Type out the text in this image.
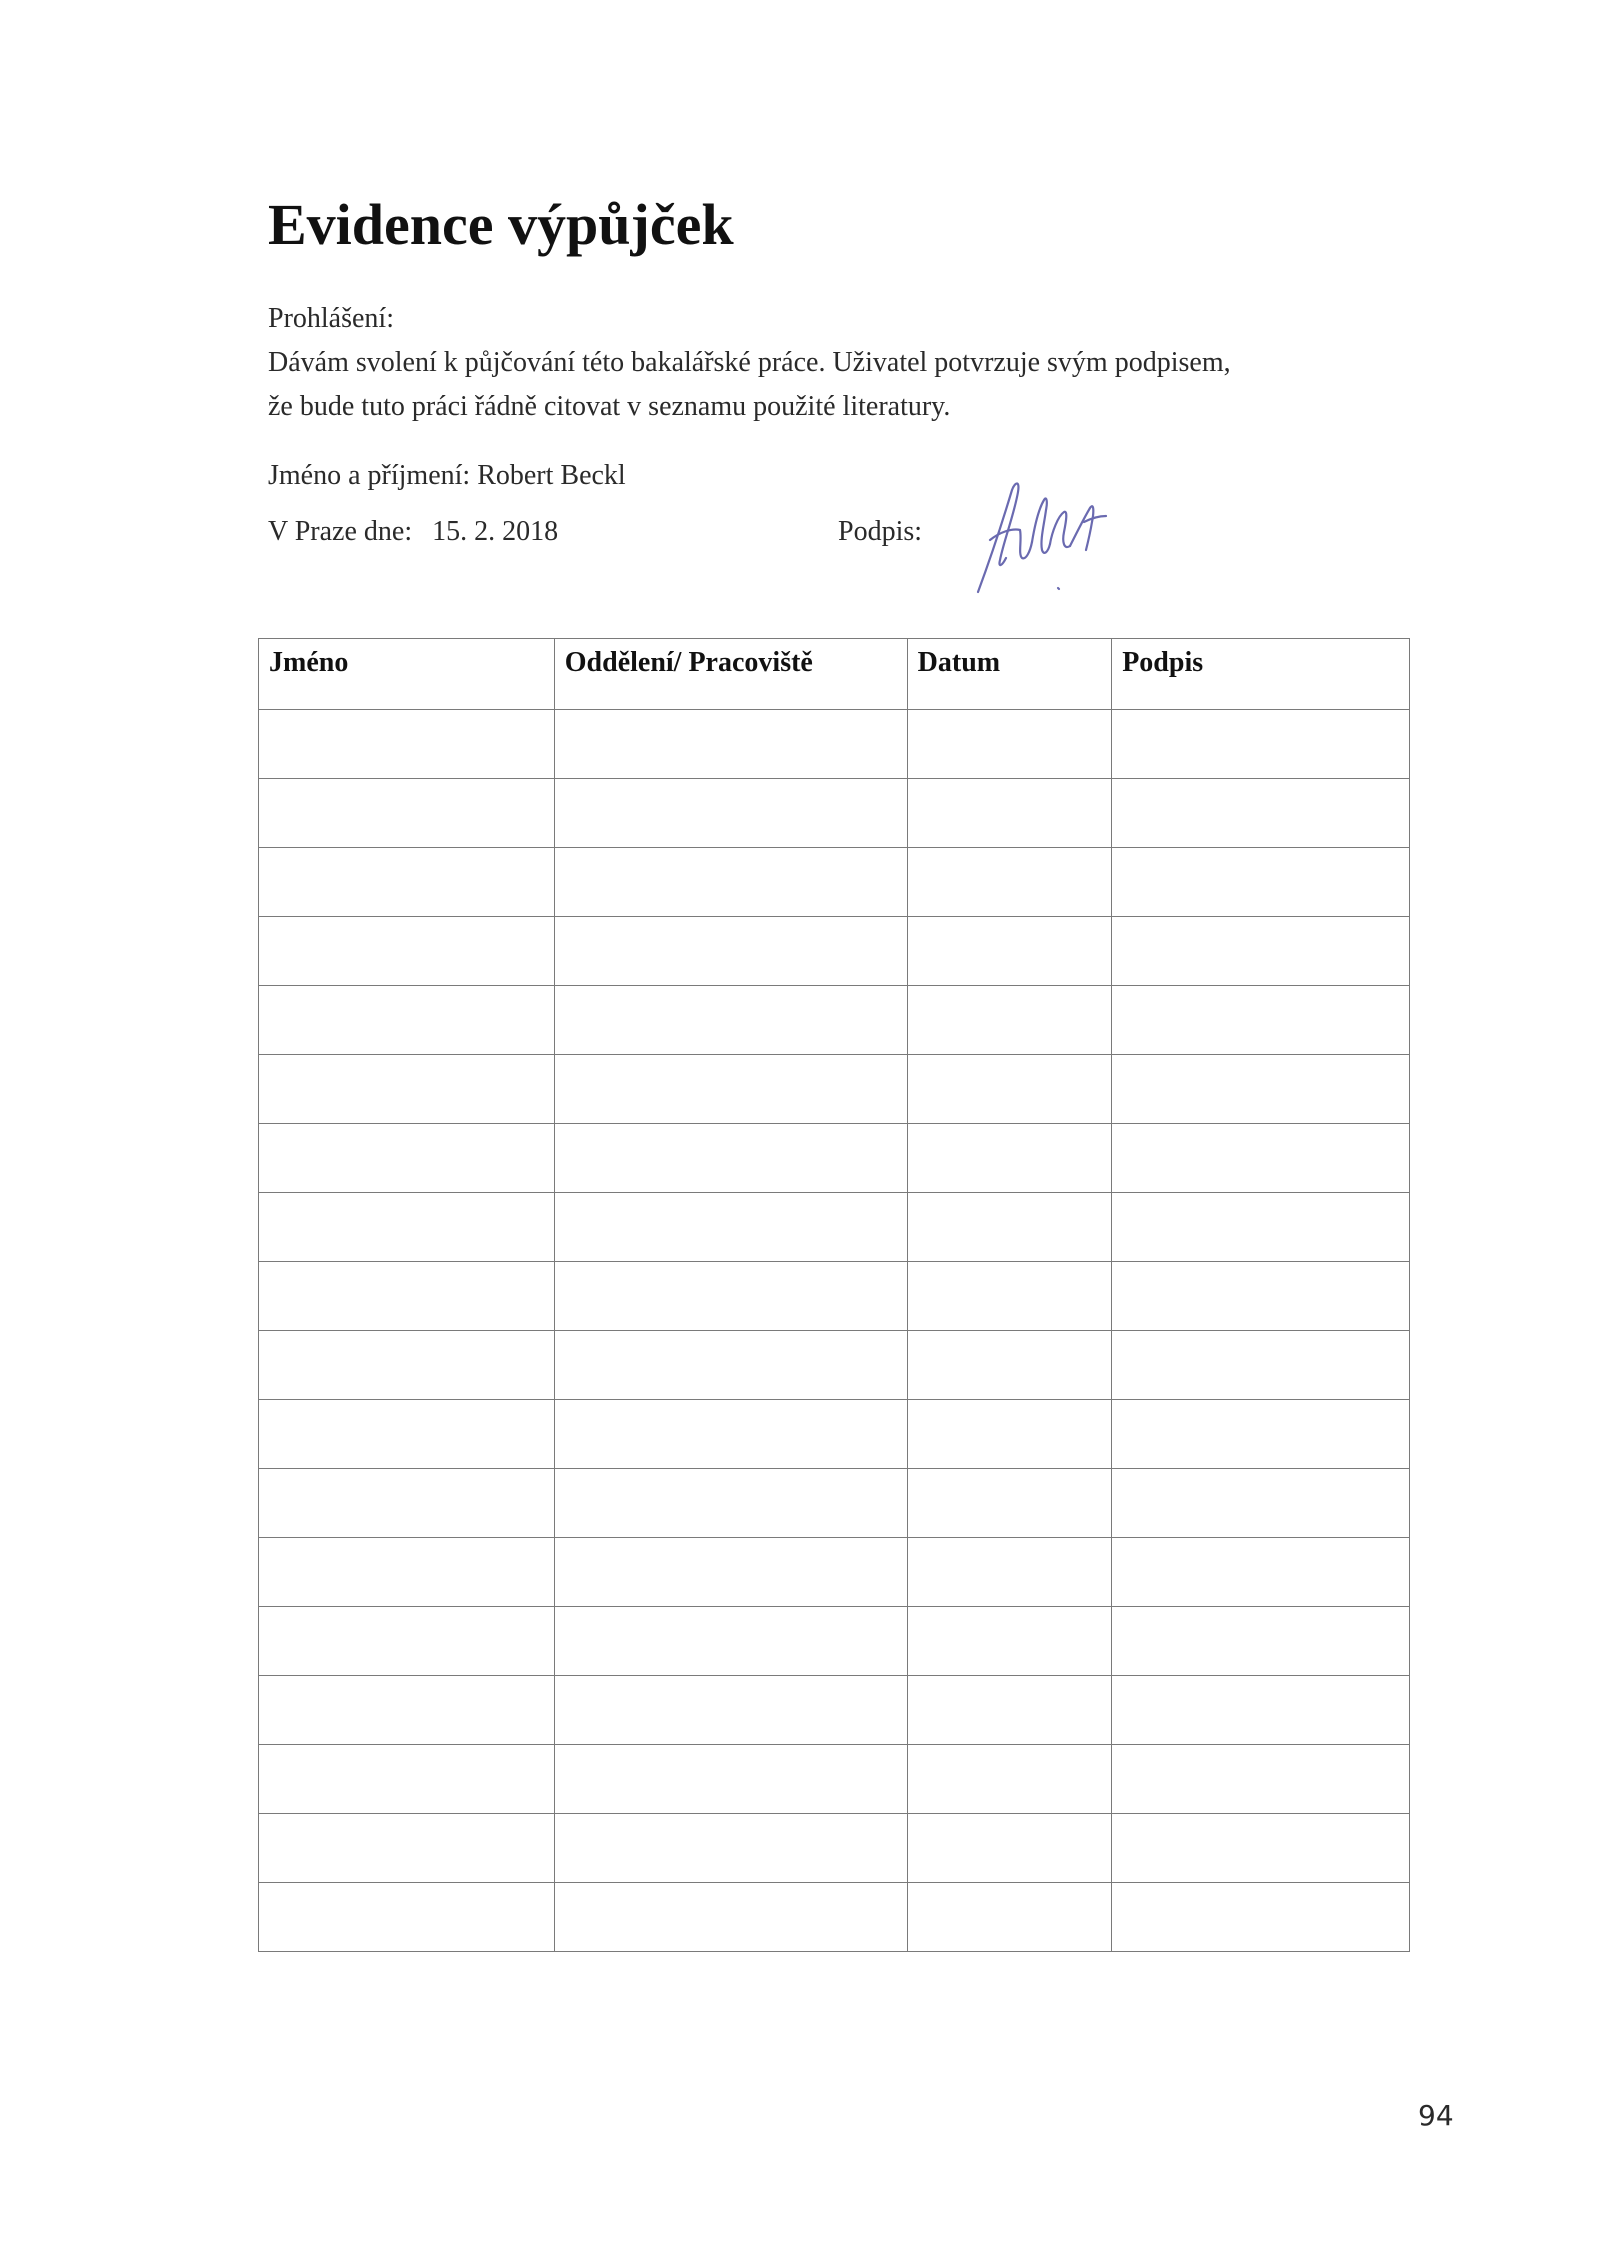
Evidence výpůjček

Prohlášení:

Dávám svolení k půjčování této bakalářské práce. Uživatel potvrzuje svým podpisem,

že bude tuto práci řádně citovat v seznamu použité literatury.

Jméno a příjmení: Robert Beckl
V Praze dne: 15. 2. 2018	Podpis:
Jméno	Oddělení/ Pracoviště	Datum	Podpis

94
